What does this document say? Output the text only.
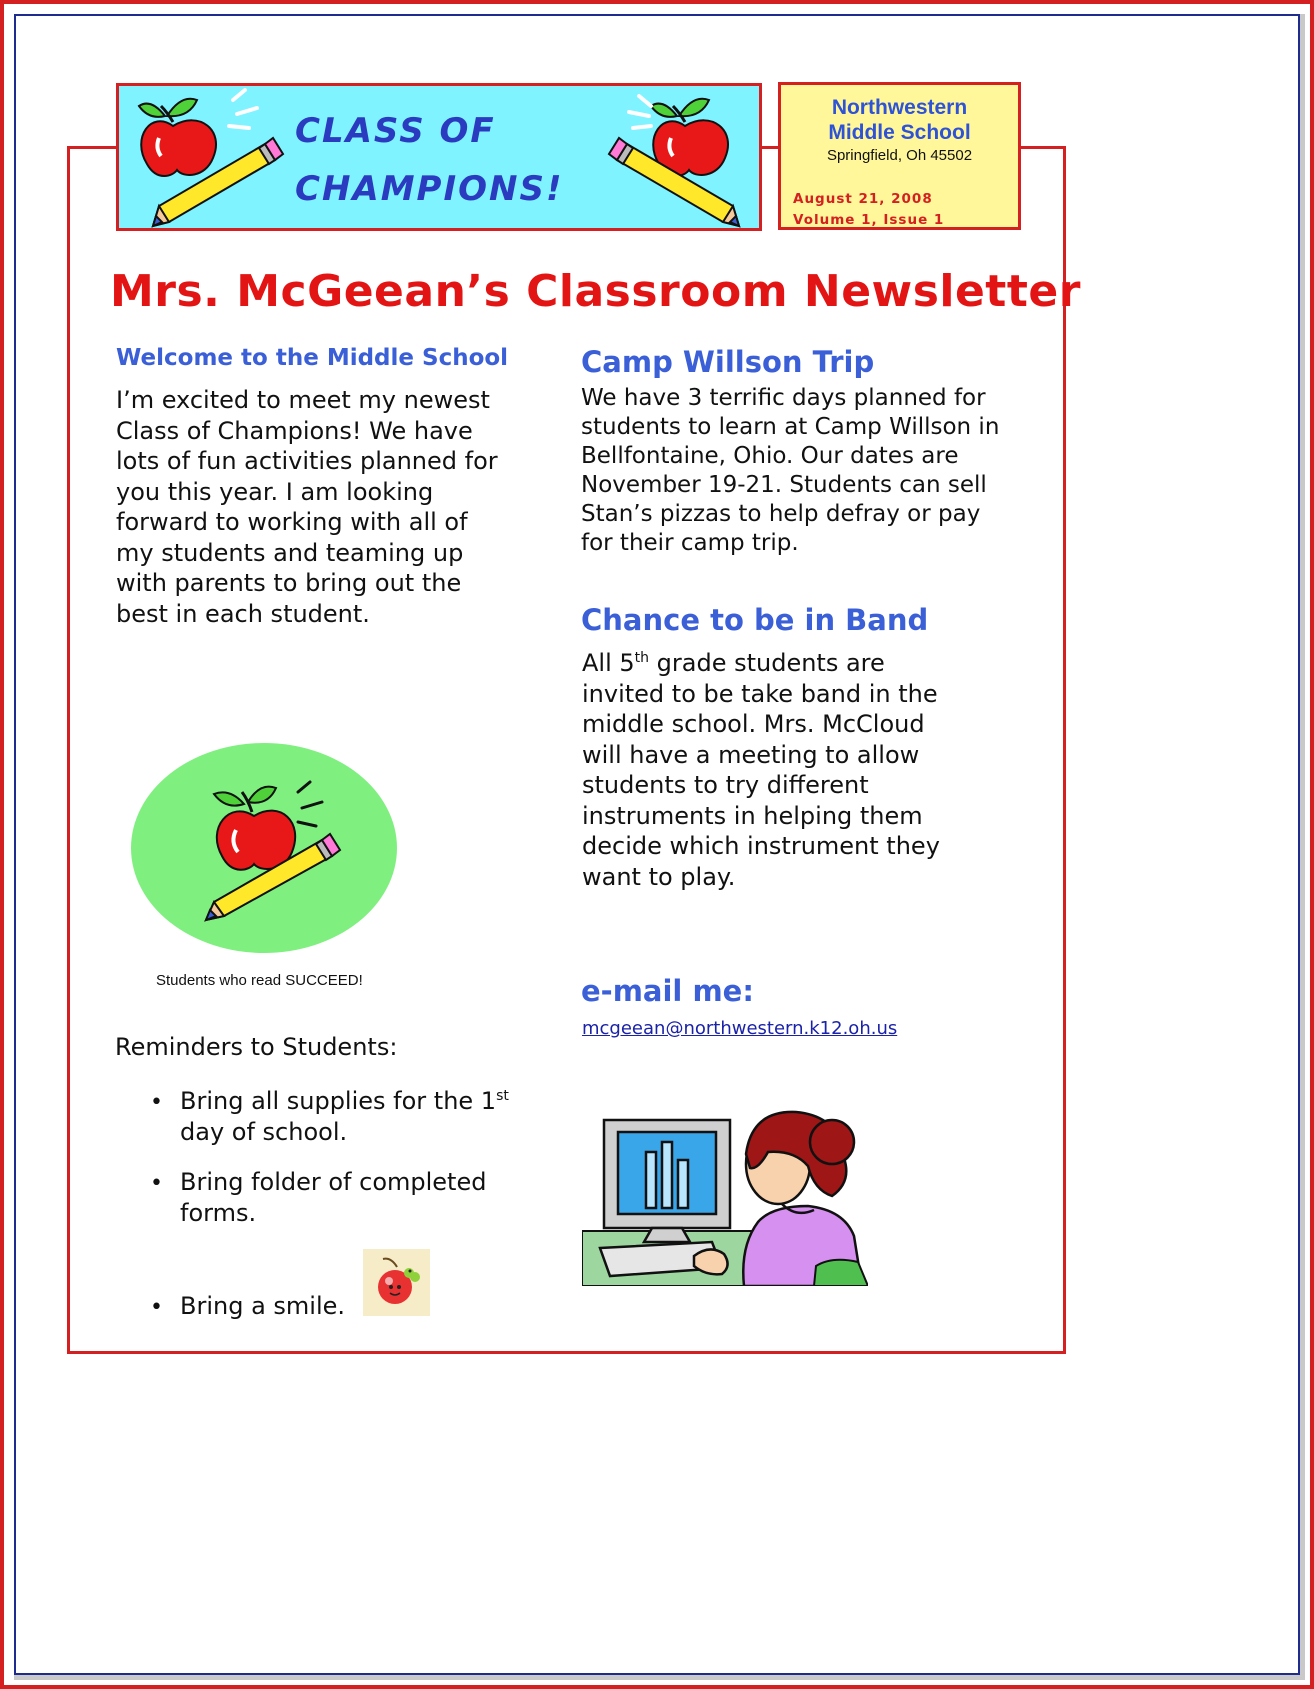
CLASS OF
CHAMPIONS!
Northwestern
Middle School
Springfield, Oh 45502
August 21, 2008
Volume 1, Issue 1
Mrs. McGeean’s Classroom Newsletter
Welcome to the Middle School
I’m excited to meet my newest
Class of Champions! We have
lots of fun activities planned for
you this year. I am looking
forward to working with all of
my students and teaming up
with parents to bring out the
best in each student.
Students who read SUCCEED!
Reminders to Students:
• Bring all supplies for the 1st
day of school.
• Bring folder of completed
forms.
• Bring a smile.
Camp Willson Trip
We have 3 terrific days planned for
students to learn at Camp Willson in
Bellfontaine, Ohio. Our dates are
November 19-21. Students can sell
Stan’s pizzas to help defray or pay
for their camp trip.
Chance to be in Band
All 5th grade students are
invited to be take band in the
middle school. Mrs. McCloud
will have a meeting to allow
students to try different
instruments in helping them
decide which instrument they
want to play.
e-mail me:
mcgeean@northwestern.k12.oh.us
